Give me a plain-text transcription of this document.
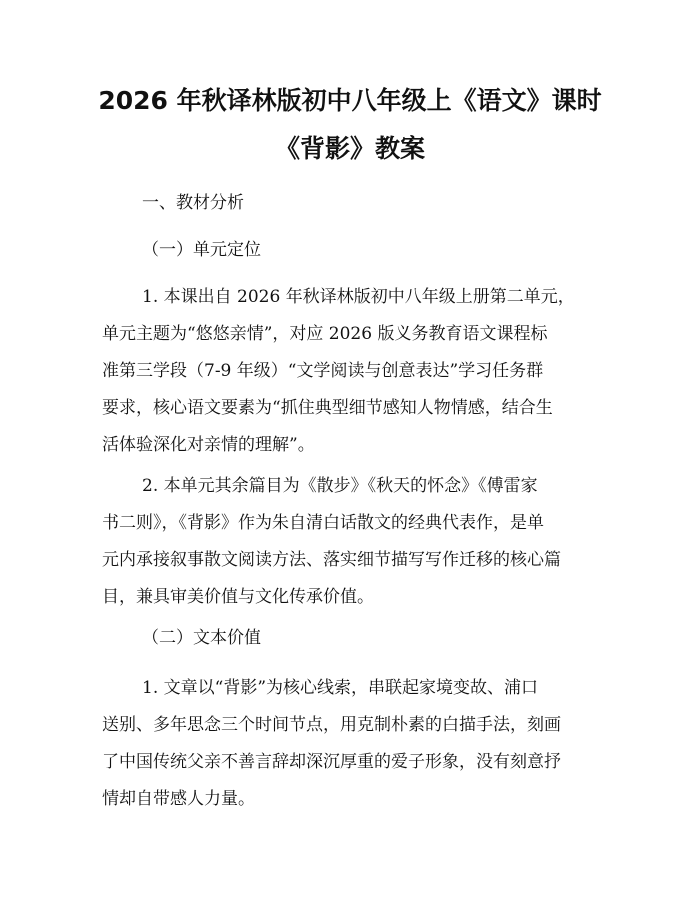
2026 年秋译林版初中八年级上《语文》课时
《背影》教案

一、教材分析

（一）单元定位

1. 本课出自 2026 年秋译林版初中八年级上册第二单元，
单元主题为“悠悠亲情”，对应 2026 版义务教育语文课程标
准第三学段（7-9 年级）“文学阅读与创意表达”学习任务群
要求，核心语文要素为“抓住典型细节感知人物情感，结合生
活体验深化对亲情的理解”。
2. 本单元其余篇目为《散步》《秋天的怀念》《傅雷家
书二则》，《背影》作为朱自清白话散文的经典代表作，是单
元内承接叙事散文阅读方法、落实细节描写写作迁移的核心篇
目，兼具审美价值与文化传承价值。

（二）文本价值

1. 文章以“背影”为核心线索，串联起家境变故、浦口
送别、多年思念三个时间节点，用克制朴素的白描手法，刻画
了中国传统父亲不善言辞却深沉厚重的爱子形象，没有刻意抒
情却自带感人力量。
